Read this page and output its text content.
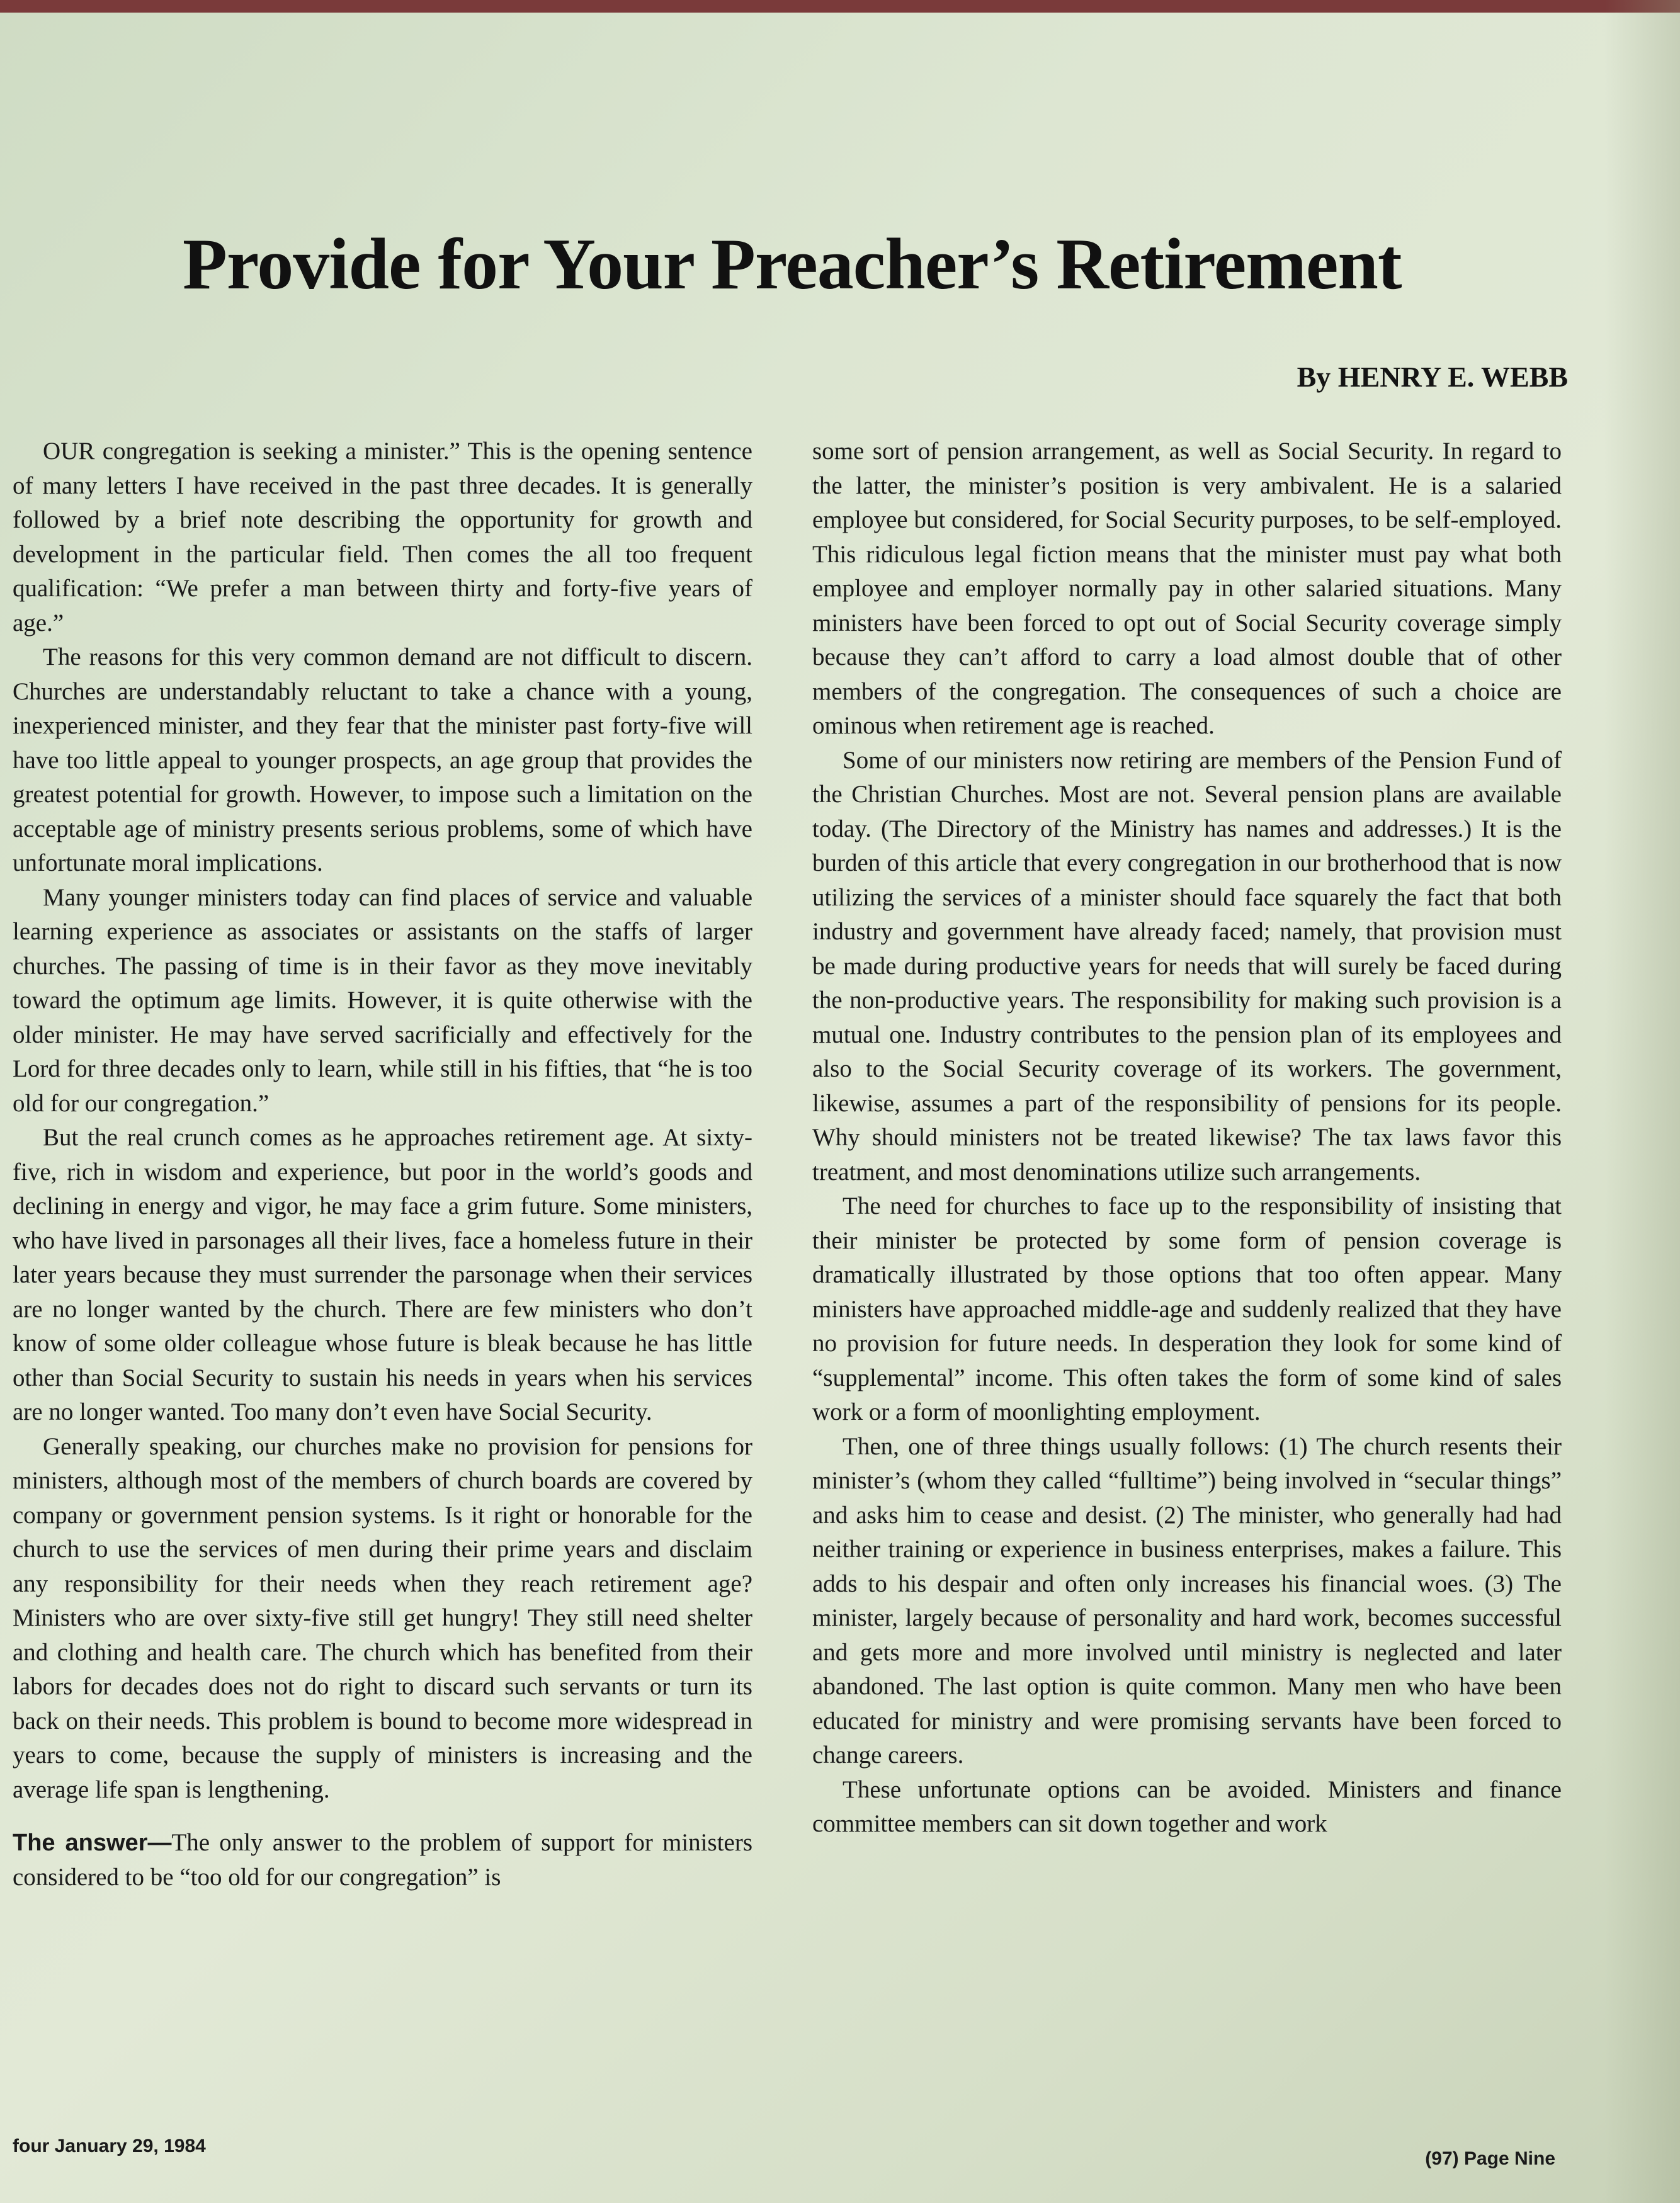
Provide for Your Preacher’s Retirement
By HENRY E. WEBB

OUR congregation is seeking a minister.” This is the opening sentence of many letters I have received in the past three decades. It is generally followed by a brief note describing the opportunity for growth and development in the particular field. Then comes the all too frequent qualification: “We prefer a man between thirty and forty-five years of age.”

The reasons for this very common demand are not difficult to discern. Churches are understandably reluctant to take a chance with a young, inexperienced minister, and they fear that the minister past forty-five will have too little appeal to younger prospects, an age group that provides the greatest potential for growth. However, to impose such a limitation on the acceptable age of ministry presents serious problems, some of which have unfortunate moral implications.

Many younger ministers today can find places of service and valuable learning experience as associates or assistants on the staffs of larger churches. The passing of time is in their favor as they move inevitably toward the optimum age limits. However, it is quite otherwise with the older minister. He may have served sacrificially and effectively for the Lord for three decades only to learn, while still in his fifties, that “he is too old for our congregation.”

But the real crunch comes as he approaches retirement age. At sixty-five, rich in wisdom and experience, but poor in the world’s goods and declining in energy and vigor, he may face a grim future. Some ministers, who have lived in parsonages all their lives, face a homeless future in their later years because they must surrender the parsonage when their services are no longer wanted by the church. There are few ministers who don’t know of some older colleague whose future is bleak because he has little other than Social Security to sustain his needs in years when his services are no longer wanted. Too many don’t even have Social Security.

Generally speaking, our churches make no provision for pensions for ministers, although most of the members of church boards are covered by company or government pension systems. Is it right or honorable for the church to use the services of men during their prime years and disclaim any responsibility for their needs when they reach retirement age? Ministers who are over sixty-five still get hungry! They still need shelter and clothing and health care. The church which has benefited from their labors for decades does not do right to discard such servants or turn its back on their needs. This problem is bound to become more widespread in years to come, because the supply of ministers is increasing and the average life span is lengthening.

The answer—The only answer to the problem of support for ministers considered to be “too old for our congregation” is

some sort of pension arrangement, as well as Social Security. In regard to the latter, the minister’s position is very ambivalent. He is a salaried employee but considered, for Social Security purposes, to be self-employed. This ridiculous legal fiction means that the minister must pay what both employee and employer normally pay in other salaried situations. Many ministers have been forced to opt out of Social Security coverage simply because they can’t afford to carry a load almost double that of other members of the congregation. The consequences of such a choice are ominous when retirement age is reached.

Some of our ministers now retiring are members of the Pension Fund of the Christian Churches. Most are not. Several pension plans are available today. (The Directory of the Ministry has names and addresses.) It is the burden of this article that every congregation in our brotherhood that is now utilizing the services of a minister should face squarely the fact that both industry and government have already faced; namely, that provision must be made during productive years for needs that will surely be faced during the non-productive years. The responsibility for making such provision is a mutual one. Industry contributes to the pension plan of its employees and also to the Social Security coverage of its workers. The government, likewise, assumes a part of the responsibility of pensions for its people. Why should ministers not be treated likewise? The tax laws favor this treatment, and most denominations utilize such arrangements.

The need for churches to face up to the responsibility of insisting that their minister be protected by some form of pension coverage is dramatically illustrated by those options that too often appear. Many ministers have approached middle-age and suddenly realized that they have no provision for future needs. In desperation they look for some kind of “supplemental” income. This often takes the form of some kind of sales work or a form of moonlighting employment.

Then, one of three things usually follows: (1) The church resents their minister’s (whom they called “fulltime”) being involved in “secular things” and asks him to cease and desist. (2) The minister, who generally had had neither training or experience in business enterprises, makes a failure. This adds to his despair and often only increases his financial woes. (3) The minister, largely because of personality and hard work, becomes successful and gets more and more involved until ministry is neglected and later abandoned. The last option is quite common. Many men who have been educated for ministry and were promising servants have been forced to change careers.

These unfortunate options can be avoided. Ministers and finance committee members can sit down together and work

four January 29, 1984
(97) Page Nine
